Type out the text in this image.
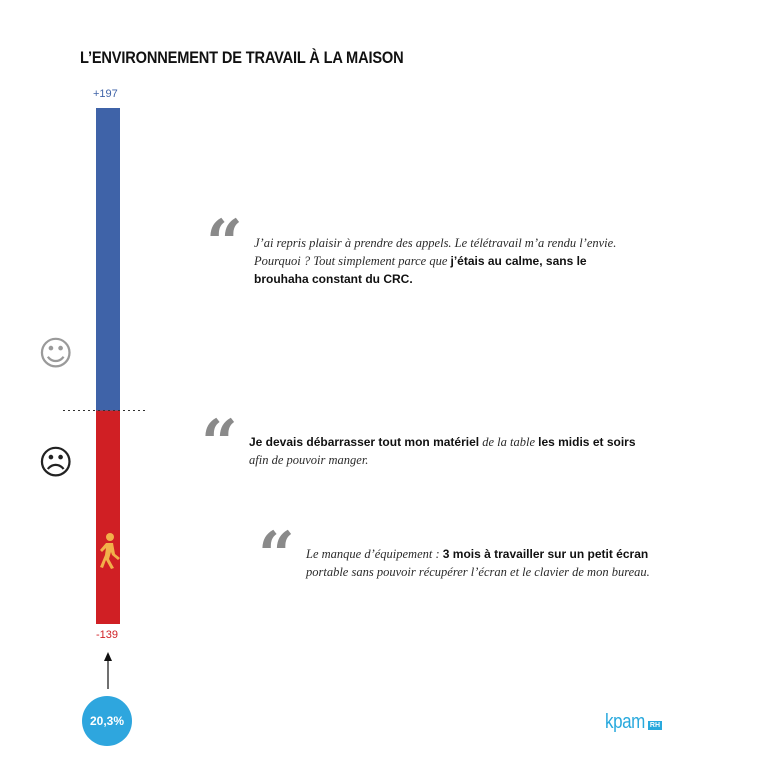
L’ENVIRONNEMENT DE TRAVAIL À LA MAISON
+197
-139
☺
☹
“ J’ai repris plaisir à prendre des appels. Le télétravail m’a rendu l’envie. Pourquoi ? Tout simplement parce que j’étais au calme, sans le brouhaha constant du CRC.
“ Je devais débarrasser tout mon matériel de la table les midis et soirs afin de pouvoir manger.
“ Le manque d’équipement : 3 mois à travailler sur un petit écran portable sans pouvoir récupérer l’écran et le clavier de mon bureau.
20,3%	kpam RH
